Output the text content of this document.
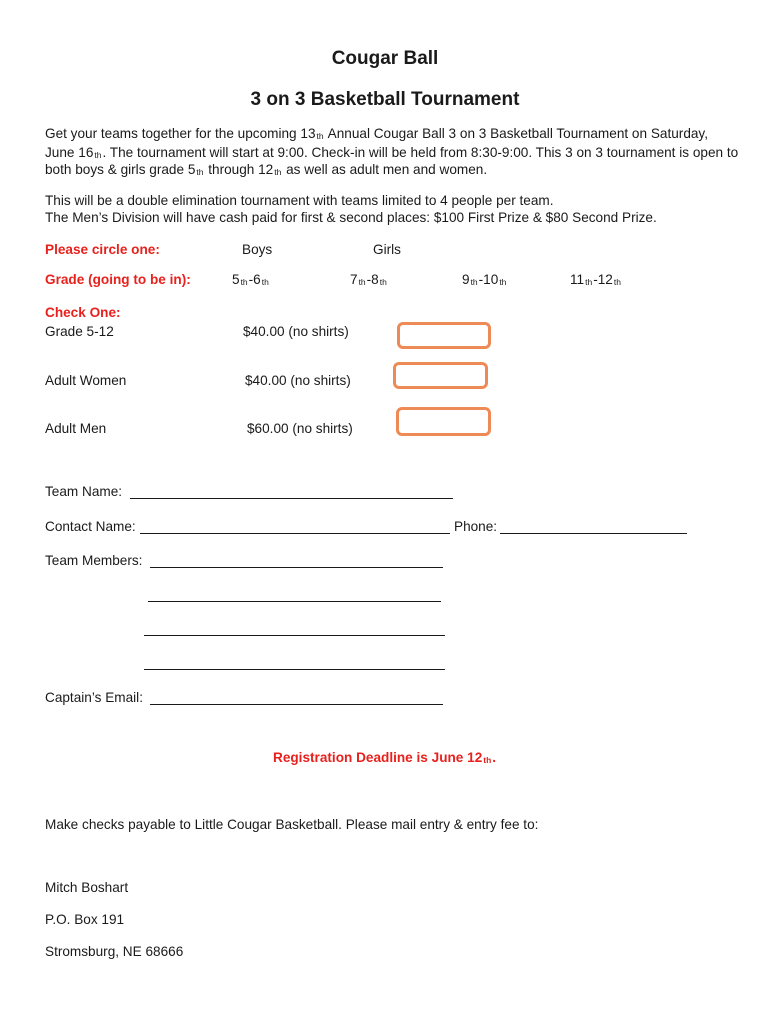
Cougar Ball
3 on 3 Basketball Tournament
Get your teams together for the upcoming 13th Annual Cougar Ball 3 on 3 Basketball Tournament on Saturday,
June 16th. The tournament will start at 9:00. Check-in will be held from 8:30-9:00. This 3 on 3 tournament is open to
both boys & girls grade 5th through 12th as well as adult men and women.
This will be a double elimination tournament with teams limited to 4 people per team.
The Men’s Division will have cash paid for first & second places: $100 First Prize & $80 Second Prize.
Please circle one:	Boys	Girls
Grade (going to be in):	5th-6th	7th-8th	9th-10th	11th-12th
Check One:
Grade 5-12	$40.00 (no shirts)
Adult Women	$40.00 (no shirts)
Adult Men	$60.00 (no shirts)
Team Name:
Contact Name:	Phone:
Team Members:
Captain’s Email:
Registration Deadline is June 12th.
Make checks payable to Little Cougar Basketball. Please mail entry & entry fee to:
Mitch Boshart
P.O. Box 191
Stromsburg, NE 68666
